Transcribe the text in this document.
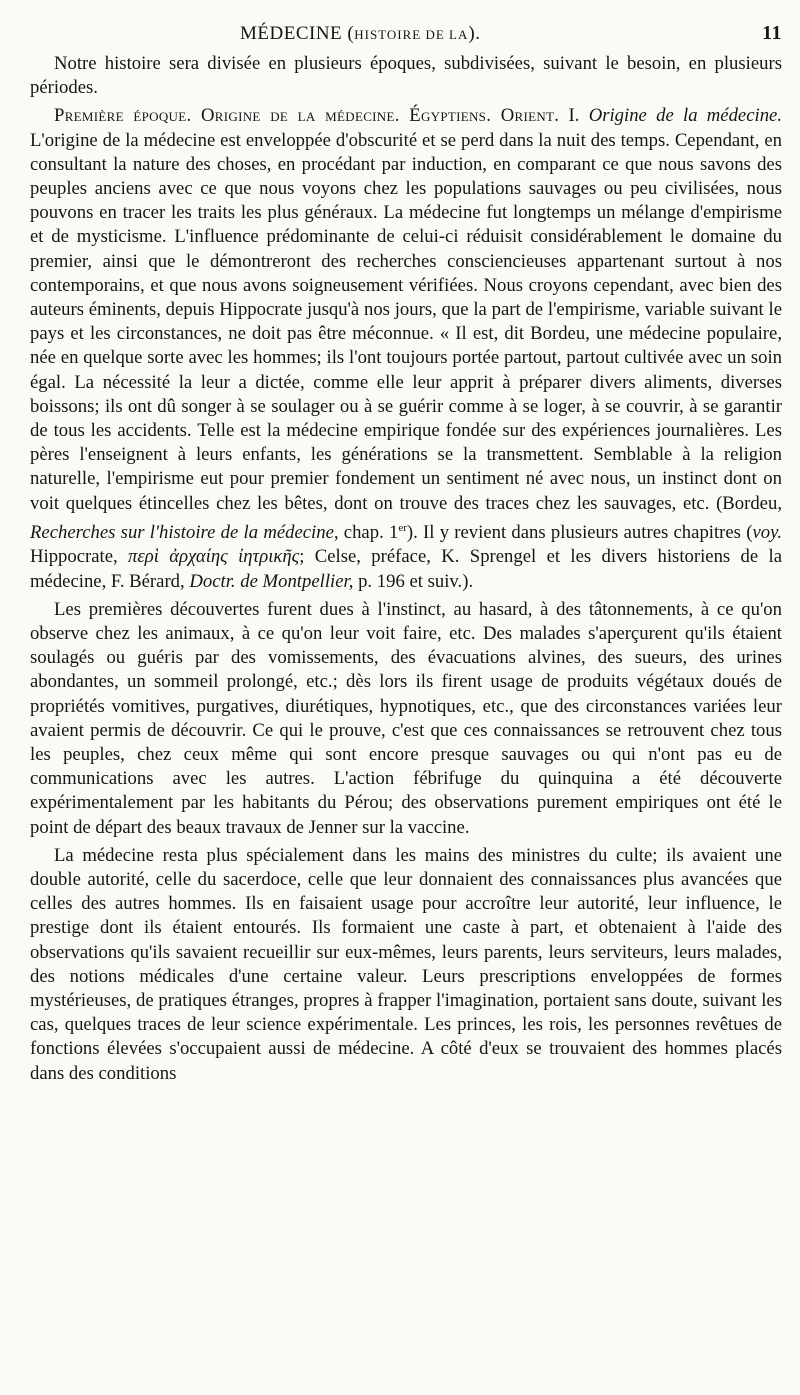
MÉDECINE (HISTOIRE DE LA).	11

Notre histoire sera divisée en plusieurs époques, subdivisées, suivant le besoin, en plusieurs périodes.

Première époque. Origine de la médecine. Égyptiens. Orient. I. Origine de la médecine. L'origine de la médecine est enveloppée d'obscurité et se perd dans la nuit des temps. Cependant, en consultant la nature des choses, en procédant par induction, en comparant ce que nous savons des peuples anciens avec ce que nous voyons chez les populations sauvages ou peu civilisées, nous pouvons en tracer les traits les plus généraux. La médecine fut longtemps un mélange d'empirisme et de mysticisme. L'influence prédominante de celui-ci réduisit considérablement le domaine du premier, ainsi que le démontreront des recherches consciencieuses appartenant surtout à nos contemporains, et que nous avons soigneusement vérifiées. Nous croyons cependant, avec bien des auteurs éminents, depuis Hippocrate jusqu'à nos jours, que la part de l'empirisme, variable suivant le pays et les circonstances, ne doit pas être méconnue. « Il est, dit Bordeu, une médecine populaire, née en quelque sorte avec les hommes; ils l'ont toujours portée partout, partout cultivée avec un soin égal. La nécessité la leur a dictée, comme elle leur apprit à préparer divers aliments, diverses boissons; ils ont dû songer à se soulager ou à se guérir comme à se loger, à se couvrir, à se garantir de tous les accidents. Telle est la médecine empirique fondée sur des expériences journalières. Les pères l'enseignent à leurs enfants, les générations se la transmettent. Semblable à la religion naturelle, l'empirisme eut pour premier fondement un sentiment né avec nous, un instinct dont on voit quelques étincelles chez les bêtes, dont on trouve des traces chez les sauvages, etc. (Bordeu, Recherches sur l'histoire de la médecine, chap. 1er). Il y revient dans plusieurs autres chapitres (voy. Hippocrate, περὶ ἀρχαίης ἰητρικῆς; Celse, préface, K. Sprengel et les divers historiens de la médecine, F. Bérard, Doctr. de Montpellier, p. 196 et suiv.).

Les premières découvertes furent dues à l'instinct, au hasard, à des tâtonnements, à ce qu'on observe chez les animaux, à ce qu'on leur voit faire, etc. Des malades s'aperçurent qu'ils étaient soulagés ou guéris par des vomissements, des évacuations alvines, des sueurs, des urines abondantes, un sommeil prolongé, etc.; dès lors ils firent usage de produits végétaux doués de propriétés vomitives, purgatives, diurétiques, hypnotiques, etc., que des circonstances variées leur avaient permis de découvrir. Ce qui le prouve, c'est que ces connaissances se retrouvent chez tous les peuples, chez ceux même qui sont encore presque sauvages ou qui n'ont pas eu de communications avec les autres. L'action fébrifuge du quinquina a été découverte expérimentalement par les habitants du Pérou; des observations purement empiriques ont été le point de départ des beaux travaux de Jenner sur la vaccine.

La médecine resta plus spécialement dans les mains des ministres du culte; ils avaient une double autorité, celle du sacerdoce, celle que leur donnaient des connaissances plus avancées que celles des autres hommes. Ils en faisaient usage pour accroître leur autorité, leur influence, le prestige dont ils étaient entourés. Ils formaient une caste à part, et obtenaient à l'aide des observations qu'ils savaient recueillir sur eux-mêmes, leurs parents, leurs serviteurs, leurs malades, des notions médicales d'une certaine valeur. Leurs prescriptions enveloppées de formes mystérieuses, de pratiques étranges, propres à frapper l'imagination, portaient sans doute, suivant les cas, quelques traces de leur science expérimentale. Les princes, les rois, les personnes revêtues de fonctions élevées s'occupaient aussi de médecine. A côté d'eux se trouvaient des hommes placés dans des conditions
